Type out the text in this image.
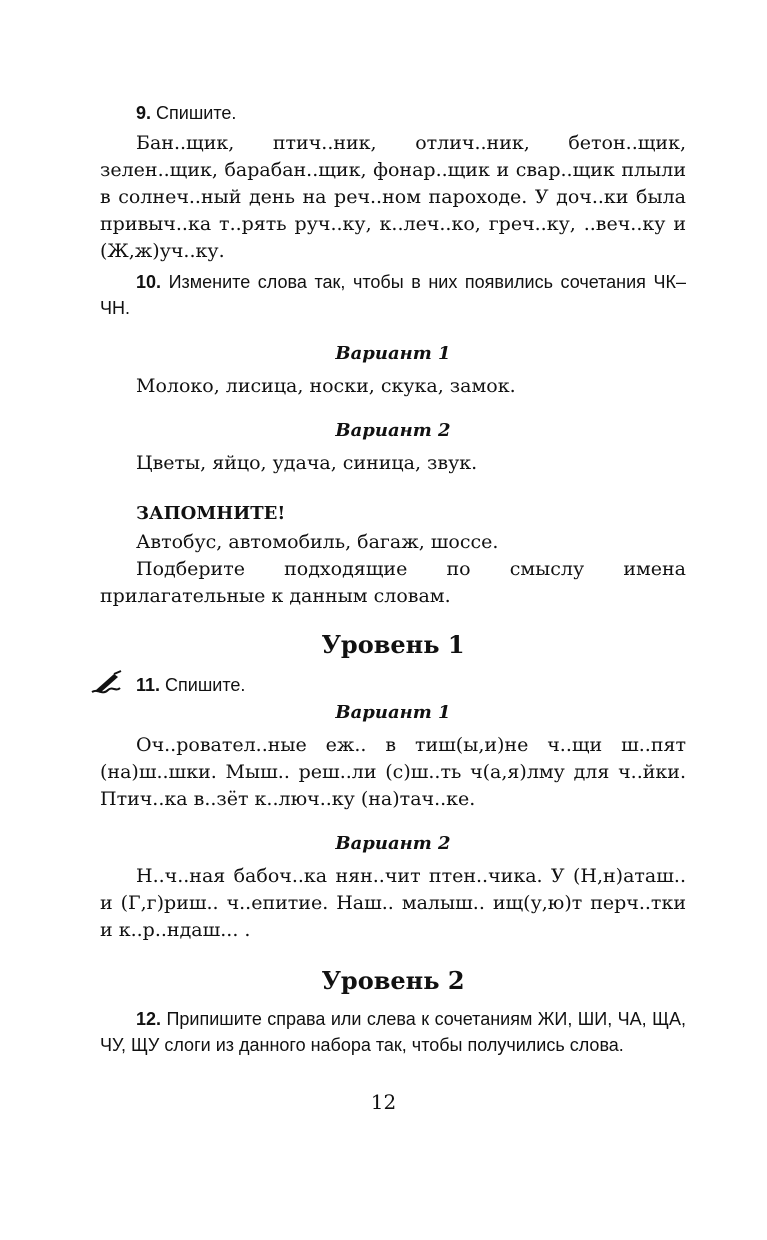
9. Спишите.

Бан..щик, птич..ник, отлич..ник, бетон..щик, зелен..щик, барабан..щик, фонар..щик и свар..щик плыли в солнеч..ный день на реч..ном пароходе. У доч..ки была привыч..ка т..рять руч..ку, к..леч..ко, греч..ку, ..веч..ку и (Ж,ж)уч..ку.

10. Измените слова так, чтобы в них появились сочетания ЧК–ЧН.

Вариант 1

Молоко, лисица, носки, скука, замок.

Вариант 2

Цветы, яйцо, удача, синица, звук.

ЗАПОМНИТЕ!

Автобус, автомобиль, багаж, шоссе.

Подберите подходящие по смыслу имена прилагательные к данным словам.

Уровень 1

11. Спишите.

Вариант 1

Оч..ровател..ные еж.. в тиш(ы,и)не ч..щи ш..пят (на)ш..шки. Мыш.. реш..ли (с)ш..ть ч(а,я)лму для ч..йки. Птич..ка в..зёт к..люч..ку (на)тач..ке.

Вариант 2

Н..ч..ная бабоч..ка нян..чит птен..чика. У (Н,н)аташ.. и (Г,г)риш.. ч..епитие. Наш.. малыш.. ищ(у,ю)т перч..тки и к..р..ндаш... .

Уровень 2

12. Припишите справа или слева к сочетаниям ЖИ, ШИ, ЧА, ЩА, ЧУ, ЩУ слоги из данного набора так, чтобы получились слова.

12
